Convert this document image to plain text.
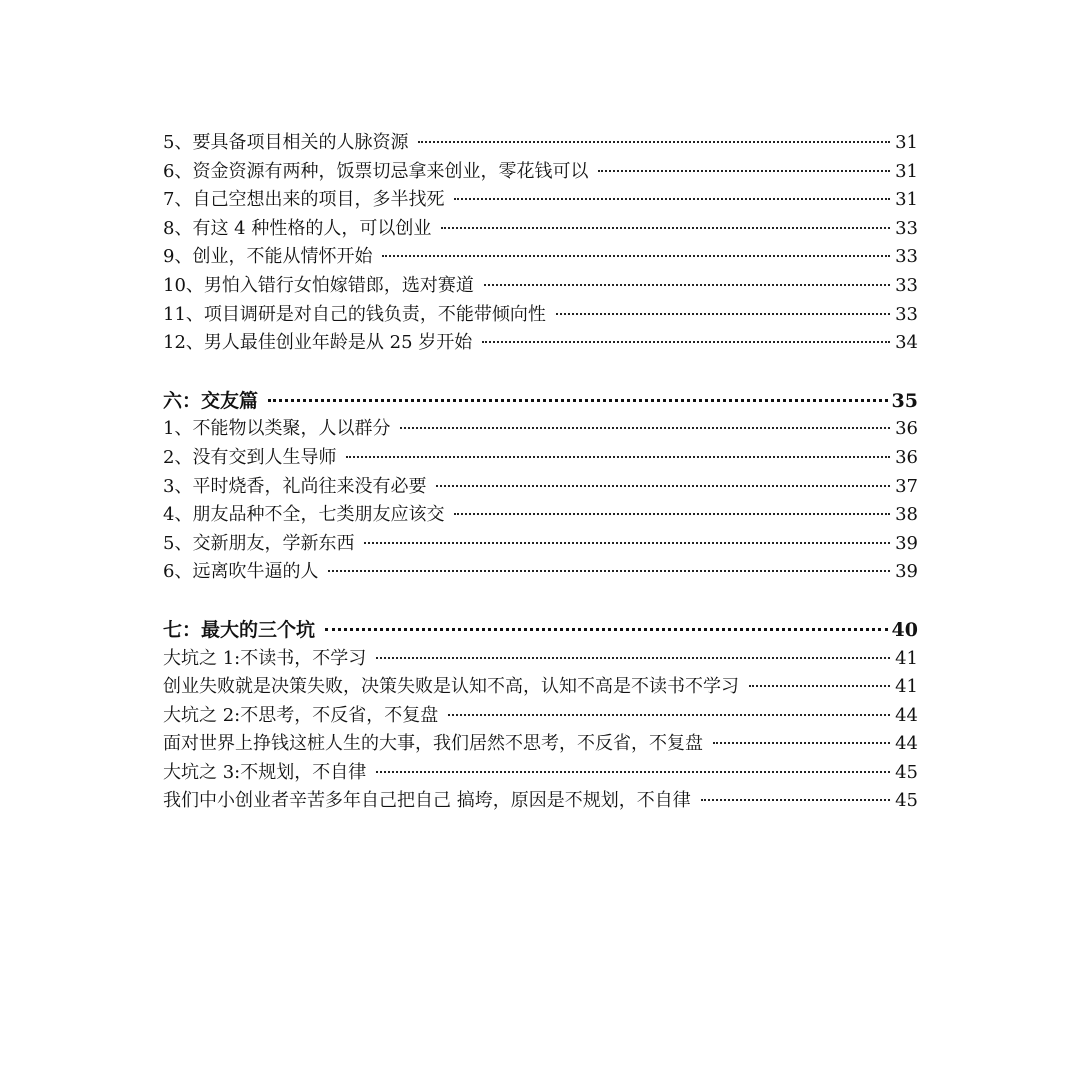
5、要具备项目相关的人脉资源	31
6、资金资源有两种，饭票切忌拿来创业，零花钱可以	31
7、自己空想出来的项目，多半找死	31
8、有这 4 种性格的人，可以创业	33
9、创业，不能从情怀开始	33
10、男怕入错行女怕嫁错郎，选对赛道	33
11、项目调研是对自己的钱负责，不能带倾向性	33
12、男人最佳创业年龄是从 25 岁开始	34
六：交友篇	35
1、不能物以类聚，人以群分	36
2、没有交到人生导师	36
3、平时烧香，礼尚往来没有必要	37
4、朋友品种不全，七类朋友应该交	38
5、交新朋友，学新东西	39
6、远离吹牛逼的人	39
七：最大的三个坑	40
大坑之 1:不读书，不学习	41
创业失败就是决策失败，决策失败是认知不高，认知不高是不读书不学习	41
大坑之 2:不思考，不反省，不复盘	44
面对世界上挣钱这桩人生的大事，我们居然不思考，不反省，不复盘	44
大坑之 3:不规划，不自律	45
我们中小创业者辛苦多年自己把自己 搞垮，原因是不规划，不自律	45
